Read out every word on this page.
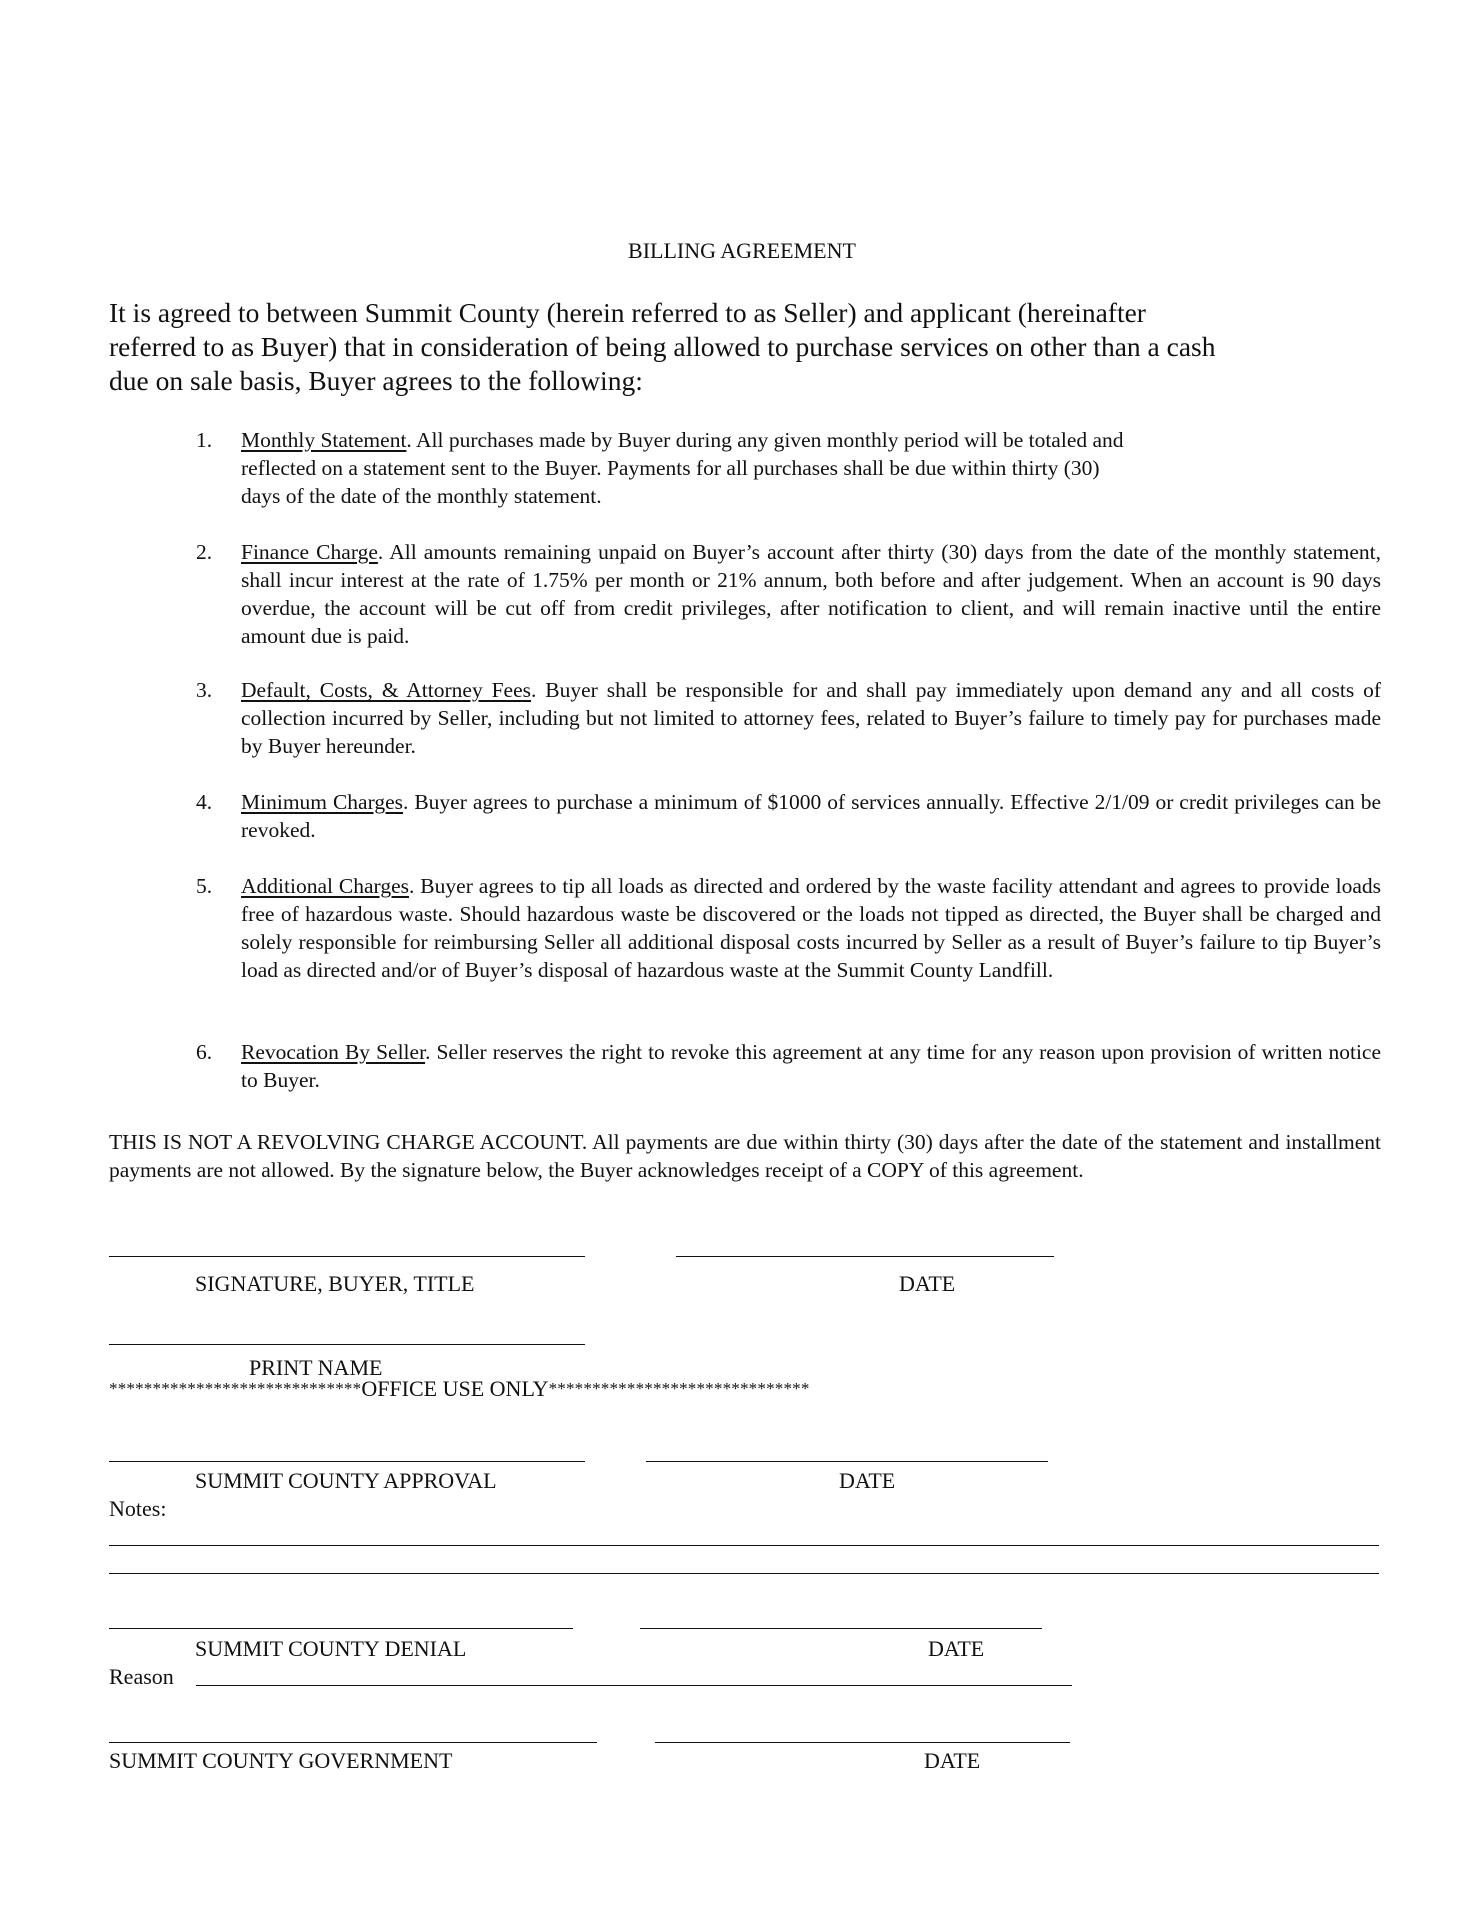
BILLING AGREEMENT
It is agreed to between Summit County (herein referred to as Seller) and applicant (hereinafter
referred to as Buyer) that in consideration of being allowed to purchase services on other than a cash
due on sale basis, Buyer agrees to the following:
1. Monthly Statement. All purchases made by Buyer during any given monthly period will be totaled and reflected on a statement sent to the Buyer. Payments for all purchases shall be due within thirty (30) days of the date of the monthly statement.
2. Finance Charge. All amounts remaining unpaid on Buyer’s account after thirty (30) days from the date of the monthly statement, shall incur interest at the rate of 1.75% per month or 21% annum, both before and after judgement. When an account is 90 days overdue, the account will be cut off from credit privileges, after notification to client, and will remain inactive until the entire amount due is paid.
3. Default, Costs, & Attorney Fees. Buyer shall be responsible for and shall pay immediately upon demand any and all costs of collection incurred by Seller, including but not limited to attorney fees, related to Buyer’s failure to timely pay for purchases made by Buyer hereunder.
4. Minimum Charges. Buyer agrees to purchase a minimum of $1000 of services annually. Effective 2/1/09 or credit privileges can be revoked.
5. Additional Charges. Buyer agrees to tip all loads as directed and ordered by the waste facility attendant and agrees to provide loads free of hazardous waste. Should hazardous waste be discovered or the loads not tipped as directed, the Buyer shall be charged and solely responsible for reimbursing Seller all additional disposal costs incurred by Seller as a result of Buyer’s failure to tip Buyer’s load as directed and/or of Buyer’s disposal of hazardous waste at the Summit County Landfill.
6. Revocation By Seller. Seller reserves the right to revoke this agreement at any time for any reason upon provision of written notice to Buyer.
THIS IS NOT A REVOLVING CHARGE ACCOUNT. All payments are due within thirty (30) days after the date of the statement and installment payments are not allowed. By the signature below, the Buyer acknowledges receipt of a COPY of this agreement.
SIGNATURE, BUYER, TITLE	DATE
PRINT NAME
*****************************OFFICE USE ONLY******************************
SUMMIT COUNTY APPROVAL	DATE
Notes:
SUMMIT COUNTY DENIAL	DATE
Reason
SUMMIT COUNTY GOVERNMENT	DATE
